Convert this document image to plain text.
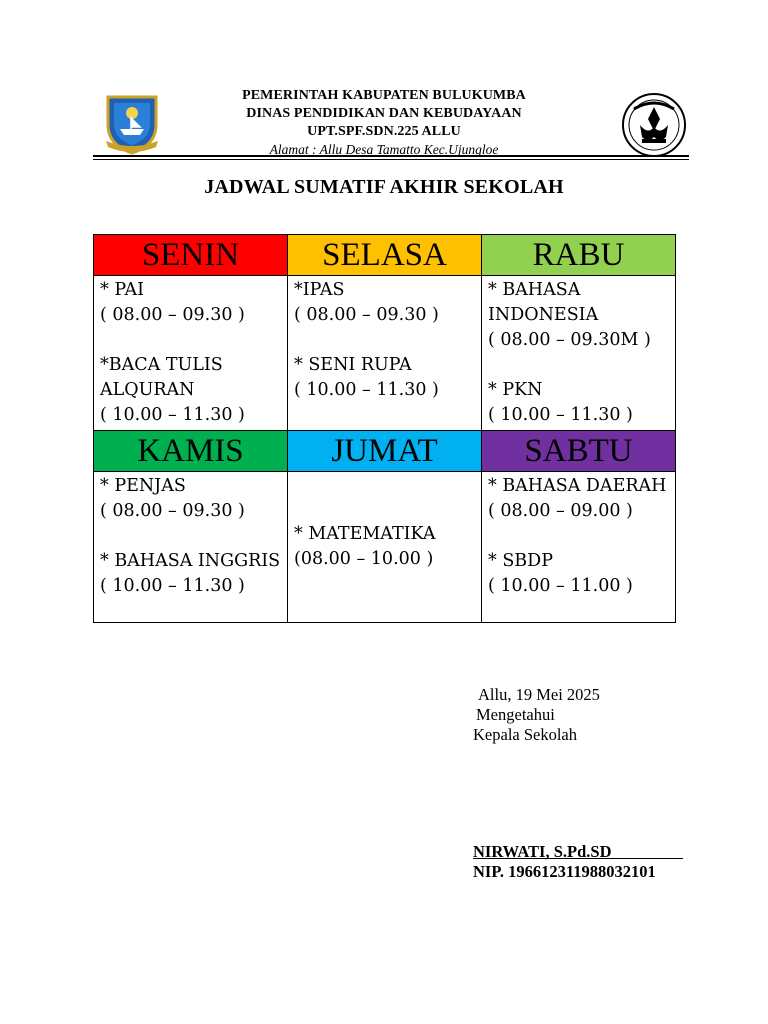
PEMERINTAH KABUPATEN BULUKUMBA
DINAS PENDIDIKAN DAN KEBUDAYAAN
UPT.SPF.SDN.225 ALLU
Alamat : Allu Desa Tamatto Kec.Ujungloe
JADWAL SUMATIF AKHIR SEKOLAH
SENIN	SELASA	RABU
* PAI
( 08.00 – 09.30 )

*BACA TULIS ALQURAN
( 10.00 – 11.30 )	*IPAS
( 08.00 – 09.30 )

* SENI RUPA
( 10.00 – 11.30 )	* BAHASA INDONESIA
( 08.00 – 09.30M )

* PKN
( 10.00 – 11.30 )
KAMIS	JUMAT	SABTU
* PENJAS
( 08.00 – 09.30 )

* BAHASA INGGRIS
( 10.00 – 11.30 )	* MATEMATIKA
(08.00 – 10.00 )	* BAHASA DAERAH
( 08.00 – 09.00 )

* SBDP
( 10.00 – 11.00 )
Allu, 19 Mei 2025
Mengetahui
Kepala Sekolah
NIRWATI, S.Pd.SD
NIP. 196612311988032101
